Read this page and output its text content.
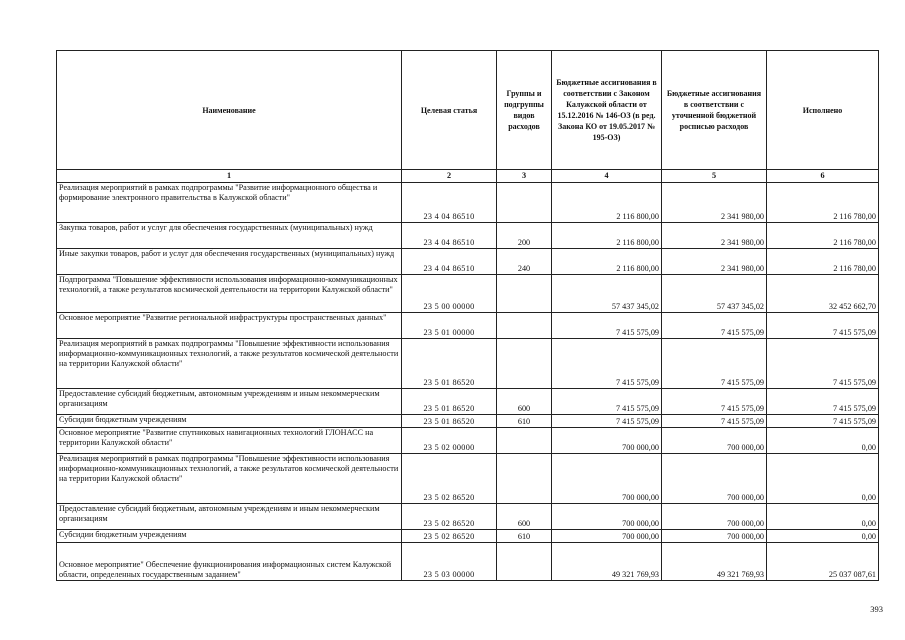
Наименование	Целевая статья	Группы и подгруппы видов расходов	Бюджетные ассигнования в соответствии с Законом Калужской области от 15.12.2016 № 146-ОЗ (в ред. Закона КО от 19.05.2017 № 195-ОЗ)	Бюджетные ассигнования в соответствии с уточненной бюджетной росписью расходов	Исполнено
1	2	3	4	5	6
Реализация мероприятий в рамках подпрограммы "Развитие информационного общества и формирование электронного правительства в Калужской области"	23 4 04 86510		2 116 800,00	2 341 980,00	2 116 780,00
Закупка товаров, работ и услуг для обеспечения государственных (муниципальных) нужд	23 4 04 86510	200	2 116 800,00	2 341 980,00	2 116 780,00
Иные закупки товаров, работ и услуг для обеспечения государственных (муниципальных) нужд	23 4 04 86510	240	2 116 800,00	2 341 980,00	2 116 780,00
Подпрограмма "Повышение эффективности использования информационно-коммуникационных технологий, а также результатов космической деятельности на территории Калужской области"	23 5 00 00000		57 437 345,02	57 437 345,02	32 452 662,70
Основное мероприятие "Развитие региональной инфраструктуры пространственных данных"	23 5 01 00000		7 415 575,09	7 415 575,09	7 415 575,09
Реализация мероприятий в рамках подпрограммы "Повышение эффективности использования информационно-коммуникационных технологий, а также результатов космической деятельности на территории Калужской области"	23 5 01 86520		7 415 575,09	7 415 575,09	7 415 575,09
Предоставление субсидий бюджетным, автономным учреждениям и иным некоммерческим организациям	23 5 01 86520	600	7 415 575,09	7 415 575,09	7 415 575,09
Субсидии бюджетным учреждениям	23 5 01 86520	610	7 415 575,09	7 415 575,09	7 415 575,09
Основное мероприятие "Развитие спутниковых навигационных технологий ГЛОНАСС на территории Калужской области"	23 5 02 00000		700 000,00	700 000,00	0,00
Реализация мероприятий в рамках подпрограммы "Повышение эффективности использования информационно-коммуникационных технологий, а также результатов космической деятельности на территории Калужской области"	23 5 02 86520		700 000,00	700 000,00	0,00
Предоставление субсидий бюджетным, автономным учреждениям и иным некоммерческим организациям	23 5 02 86520	600	700 000,00	700 000,00	0,00
Субсидии бюджетным учреждениям	23 5 02 86520	610	700 000,00	700 000,00	0,00
Основное мероприятие" Обеспечение функционирования информационных систем Калужской области, определенных государственным заданием"	23 5 03 00000		49 321 769,93	49 321 769,93	25 037 087,61
393
